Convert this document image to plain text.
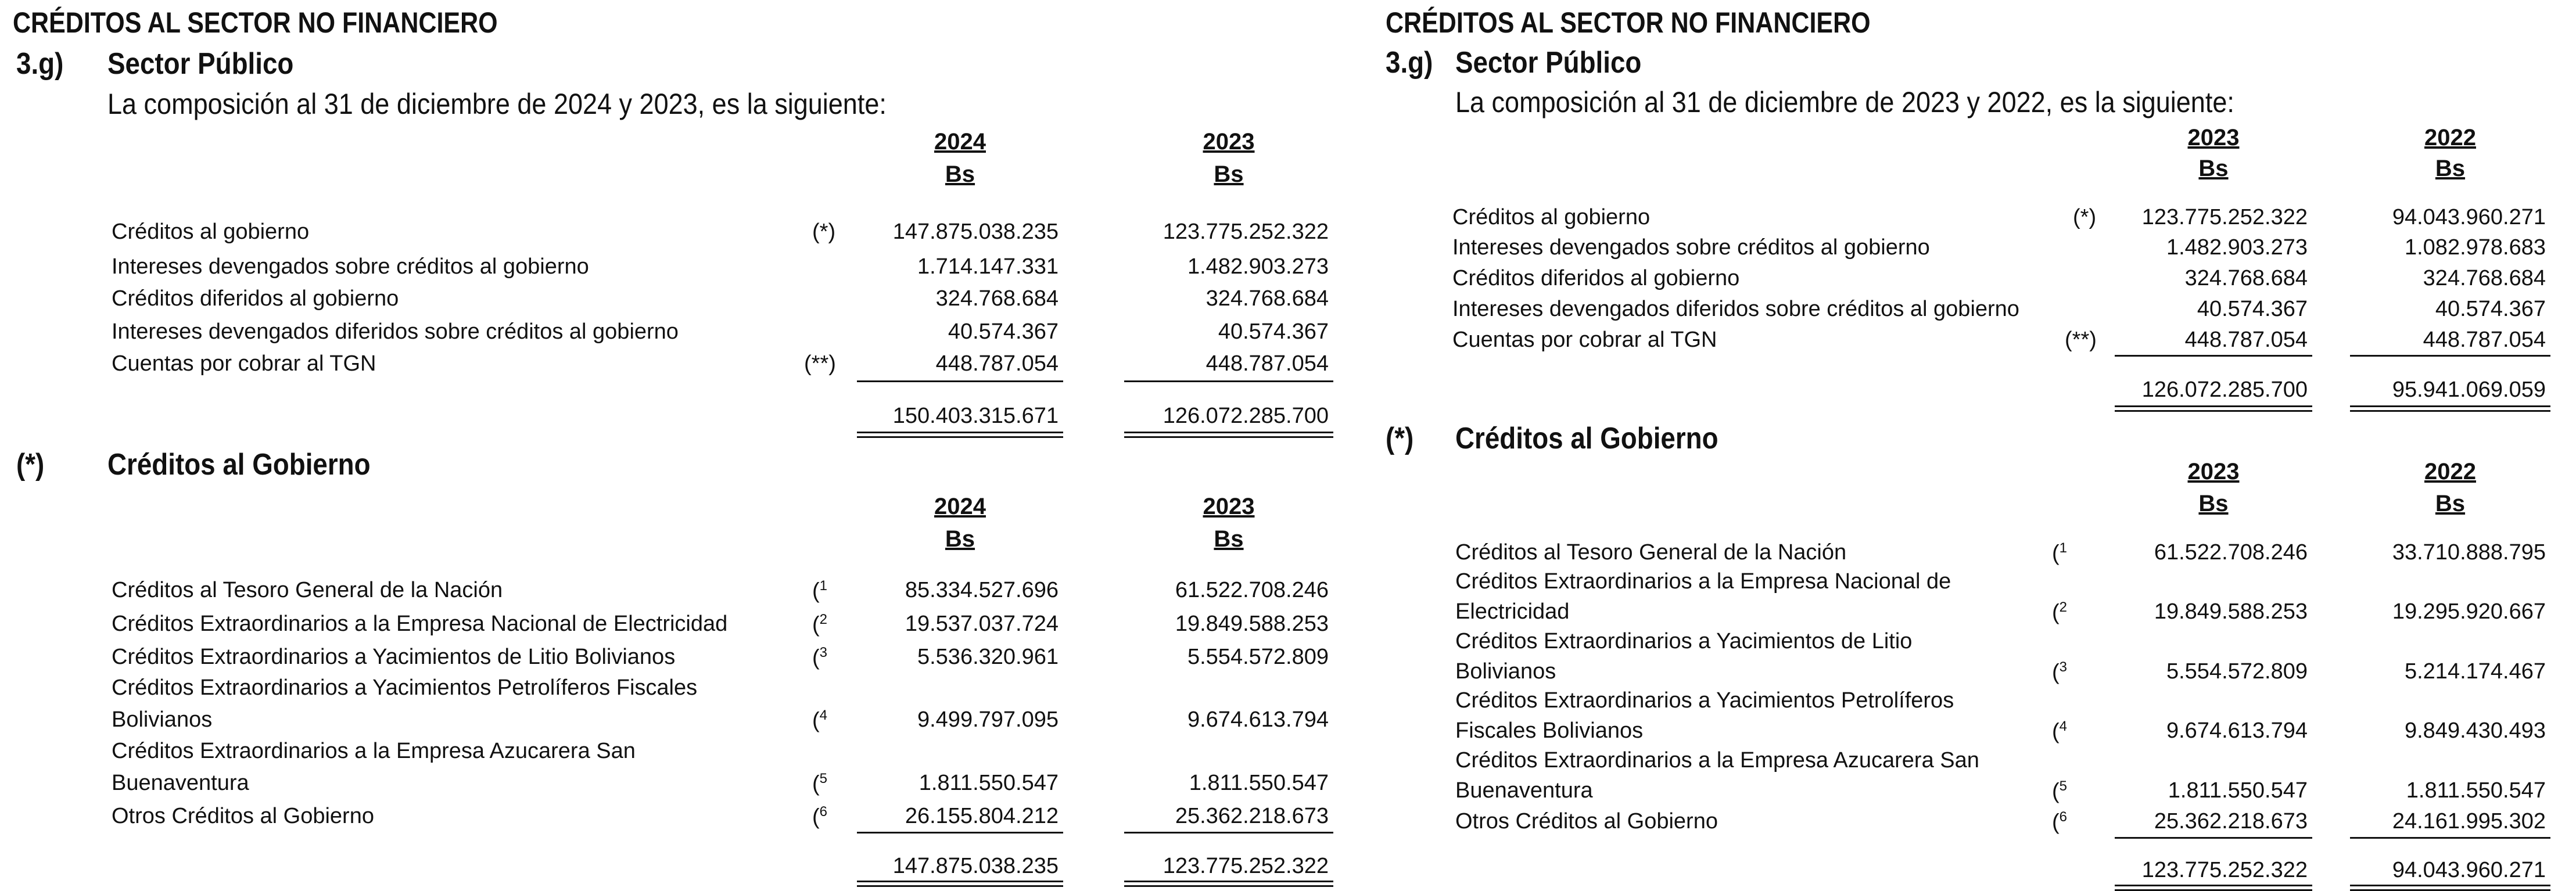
CRÉDITOS AL SECTOR NO FINANCIERO
3.g) Sector Público
La composición al 31 de diciembre de 2024 y 2023, es la siguiente:
2024
Bs
2023
Bs
Créditos al gobierno	(*)	147.875.038.235	123.775.252.322
Intereses devengados sobre créditos al gobierno	1.714.147.331	1.482.903.273
Créditos diferidos al gobierno	324.768.684	324.768.684
Intereses devengados diferidos sobre créditos al gobierno	40.574.367	40.574.367
Cuentas por cobrar al TGN	(**)	448.787.054	448.787.054
150.403.315.671	126.072.285.700
(*) Créditos al Gobierno
2024
Bs
2023
Bs
Créditos al Tesoro General de la Nación	($^1$	85.334.527.696	61.522.708.246
Créditos Extraordinarios a la Empresa Nacional de Electricidad	($^2$	19.537.037.724	19.849.588.253
Créditos Extraordinarios a Yacimientos de Litio Bolivianos	($^3$	5.536.320.961	5.554.572.809
Créditos Extraordinarios a Yacimientos Petrolíferos Fiscales
Bolivianos	($^4$	9.499.797.095	9.674.613.794
Créditos Extraordinarios a la Empresa Azucarera San
Buenaventura	($^5$	1.811.550.547	1.811.550.547
Otros Créditos al Gobierno	($^6$	26.155.804.212	25.362.218.673
147.875.038.235	123.775.252.322
CRÉDITOS AL SECTOR NO FINANCIERO
3.g) Sector Público
La composición al 31 de diciembre de 2023 y 2022, es la siguiente:
2023
Bs
2022
Bs
Créditos al gobierno	(*)	123.775.252.322	94.043.960.271
Intereses devengados sobre créditos al gobierno	1.482.903.273	1.082.978.683
Créditos diferidos al gobierno	324.768.684	324.768.684
Intereses devengados diferidos sobre créditos al gobierno	40.574.367	40.574.367
Cuentas por cobrar al TGN	(**)	448.787.054	448.787.054
126.072.285.700	95.941.069.059
(*) Créditos al Gobierno
2023
Bs
2022
Bs
Créditos al Tesoro General de la Nación	($^1$	61.522.708.246	33.710.888.795
Créditos Extraordinarios a la Empresa Nacional de
Electricidad	($^2$	19.849.588.253	19.295.920.667
Créditos Extraordinarios a Yacimientos de Litio
Bolivianos	($^3$	5.554.572.809	5.214.174.467
Créditos Extraordinarios a Yacimientos Petrolíferos
Fiscales Bolivianos	($^4$	9.674.613.794	9.849.430.493
Créditos Extraordinarios a la Empresa Azucarera San
Buenaventura	($^5$	1.811.550.547	1.811.550.547
Otros Créditos al Gobierno	($^6$	25.362.218.673	24.161.995.302
123.775.252.322	94.043.960.271
